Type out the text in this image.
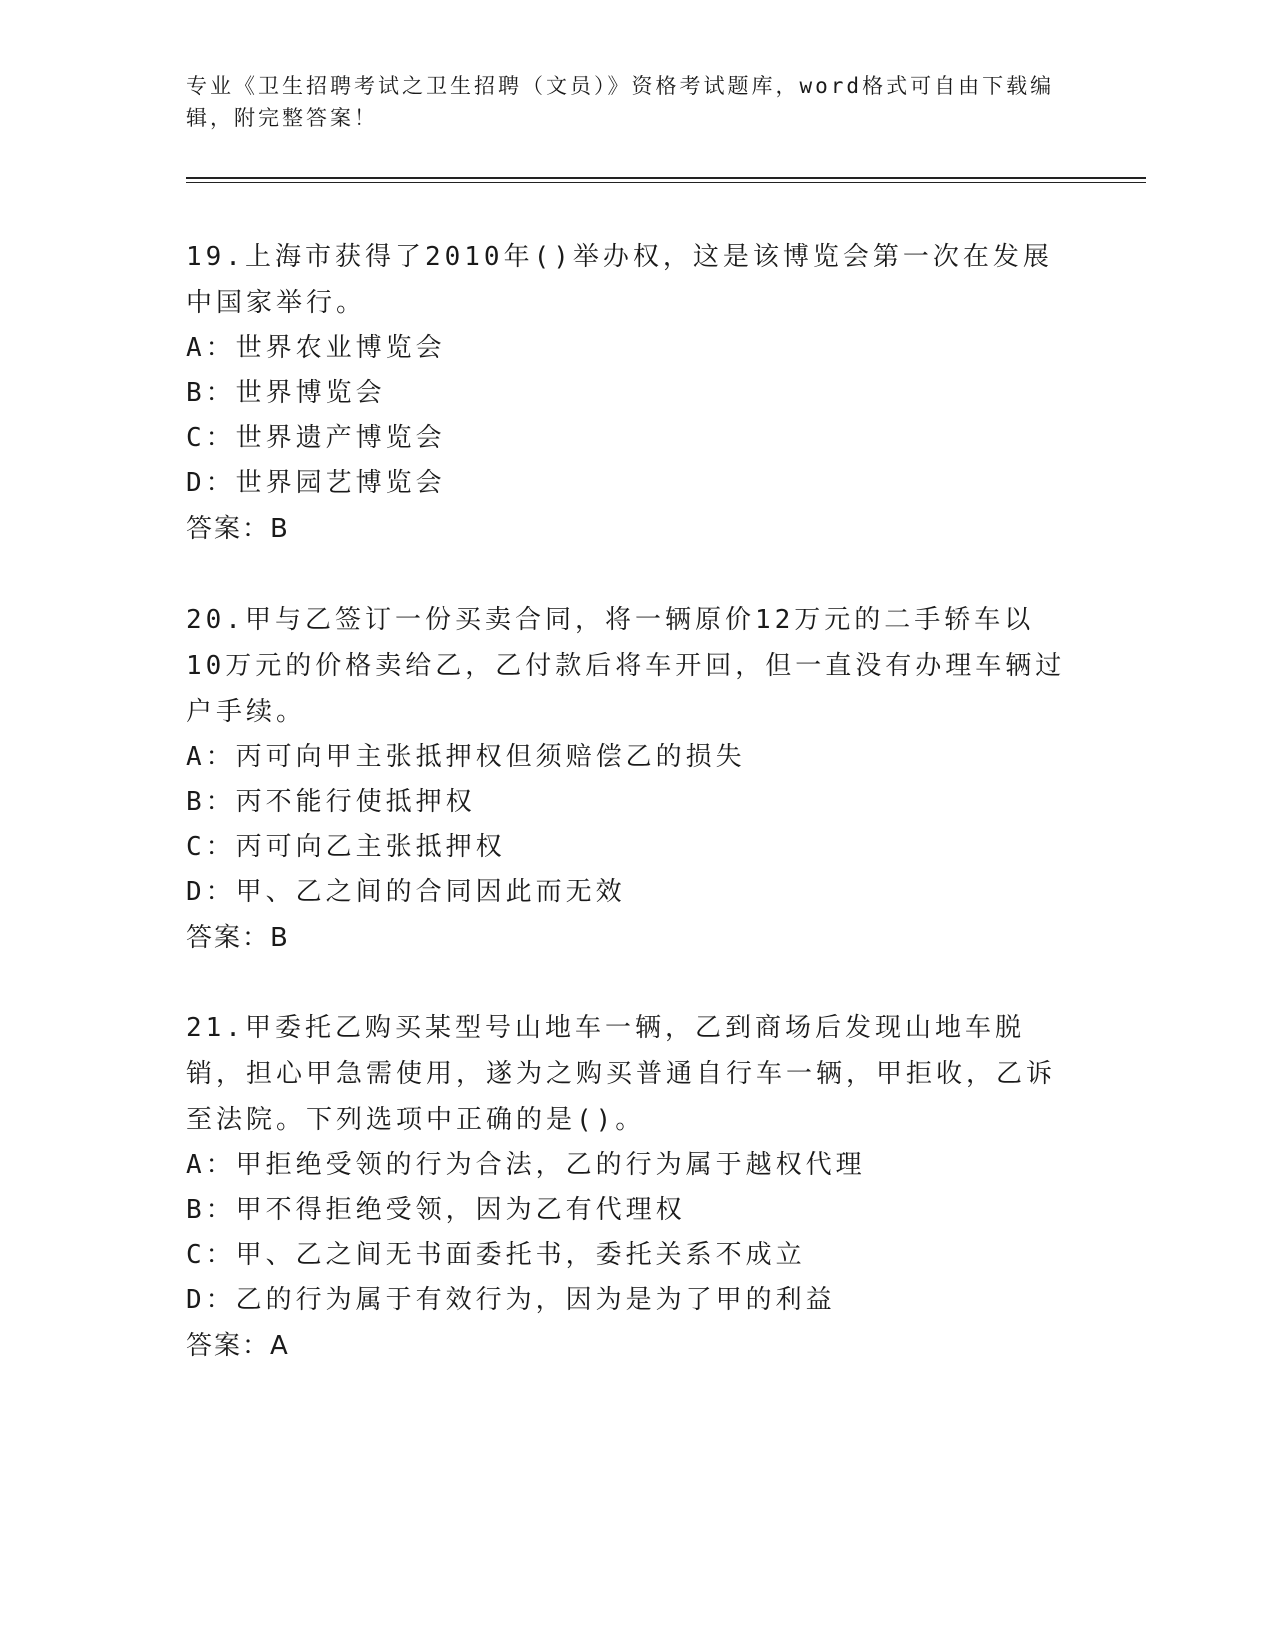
专业《卫生招聘考试之卫生招聘（文员）》资格考试题库，word格式可自由下载编辑，附完整答案！

19.上海市获得了2010年()举办权，这是该博览会第一次在发展中国家举行。

A：世界农业博览会

B：世界博览会

C：世界遗产博览会

D：世界园艺博览会

答案：B

20.甲与乙签订一份买卖合同，将一辆原价12万元的二手轿车以10万元的价格卖给乙，乙付款后将车开回，但一直没有办理车辆过户手续。

A：丙可向甲主张抵押权但须赔偿乙的损失

B：丙不能行使抵押权

C：丙可向乙主张抵押权

D：甲、乙之间的合同因此而无效

答案：B

21.甲委托乙购买某型号山地车一辆，乙到商场后发现山地车脱销，担心甲急需使用，遂为之购买普通自行车一辆，甲拒收，乙诉至法院。下列选项中正确的是()。

A：甲拒绝受领的行为合法，乙的行为属于越权代理

B：甲不得拒绝受领，因为乙有代理权

C：甲、乙之间无书面委托书，委托关系不成立

D：乙的行为属于有效行为，因为是为了甲的利益

答案：A
